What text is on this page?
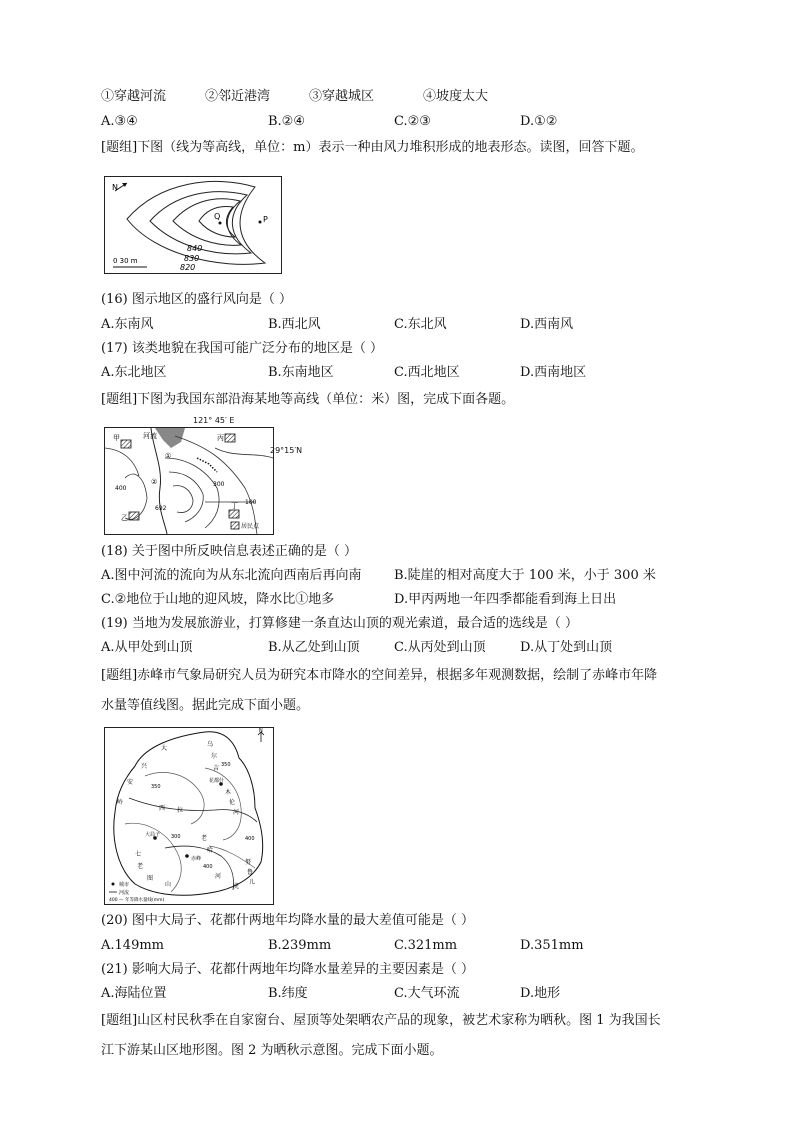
①穿越河流	②邻近港湾	③穿越城区	④坡度太大
A.③④	B.②④	C.②③	D.①②
[题组]下图（线为等高线，单位：m）表示一种由风力堆积形成的地表形态。读图，回答下题。
N
Q	P
840
830
820
0 30 m
(16) 图示地区的盛行风向是（ ）
A.东南风	B.西北风	C.东北风	D.西南风
(17) 该类地貌在我国可能广泛分布的地区是（ ）
A.东北地区	B.东南地区	C.西北地区	D.西南地区
[题组]下图为我国东部沿海某地等高线（单位：米）图，完成下面各题。
甲	河流	丙
乙
丁
居民点
①
②
400
300
692
100
121° 45′ E
29°15′N
(18) 关于图中所反映信息表述正确的是（ ）
A.图中河流的流向为从东北流向西南后再向南 B.陡崖的相对高度大于 100 米，小于 300 米
C.②地位于山地的迎风坡，降水比①地多	D.甲丙两地一年四季都能看到海上日出
(19) 当地为发展旅游业，打算修建一条直达山顶的观光索道，最合适的选线是（ ）
A.从甲处到山顶	B.从乙处到山顶	C.从丙处到山顶	D.从丁处到山顶
[题组]赤峰市气象局研究人员为研究本市降水的空间差异，根据多年观测数据，绘制了赤峰市年降
水量等值线图。据此完成下面小题。
花都什
大局子
赤峰
N
大
兴
安
岭
乌
尔
吉
木
伦
河
西 拉
七
老
图
山
努
鲁
儿
虎
老
哈
河
350
350
400
300
400
城市
河流
400 — 年等降水量线(mm)
(20) 图中大局子、花都什两地年均降水量的最大差值可能是（ ）
A.149mm	B.239mm	C.321mm	D.351mm
(21) 影响大局子、花都什两地年均降水量差异的主要因素是（ ）
A.海陆位置	B.纬度	C.大气环流	D.地形
[题组]山区村民秋季在自家窗台、屋顶等处架晒农产品的现象，被艺术家称为晒秋。图 1 为我国长
江下游某山区地形图。图 2 为晒秋示意图。完成下面小题。
